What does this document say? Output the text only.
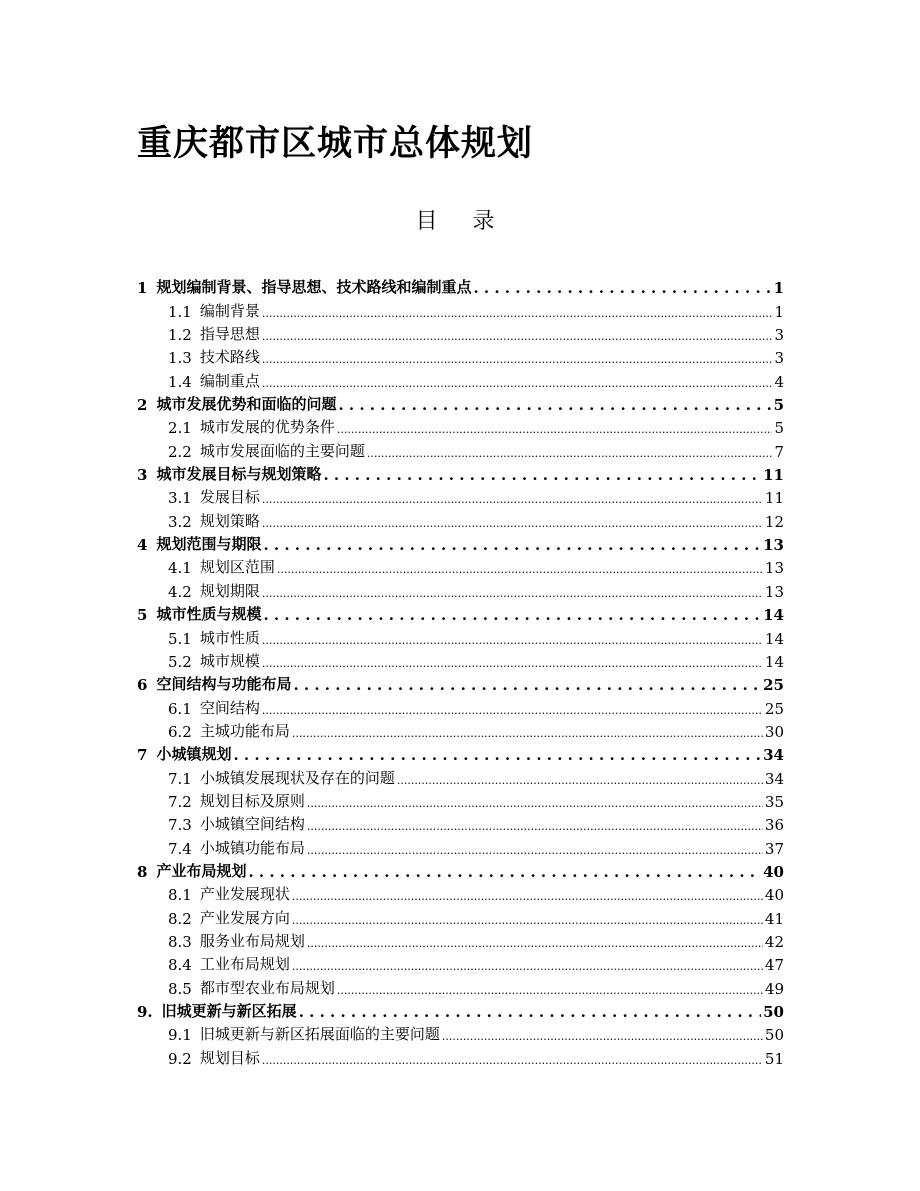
重庆都市区城市总体规划
目 录
1 规划编制背景、指导思想、技术路线和编制重点 . . .	1
1.1 编制背景 .....	1
1.2 指导思想 .....	3
1.3 技术路线 .....	3
1.4 编制重点 .....	4
2 城市发展优势和面临的问题 . . .	5
2.1 城市发展的优势条件 .....	5
2.2 城市发展面临的主要问题 .....	7
3 城市发展目标与规划策略 . . .	11
3.1 发展目标 .....	11
3.2 规划策略 .....	12
4 规划范围与期限 . . .	13
4.1 规划区范围 .....	13
4.2 规划期限 .....	13
5 城市性质与规模 . . .	14
5.1 城市性质 .....	14
5.2 城市规模 .....	14
6 空间结构与功能布局 . . .	25
6.1 空间结构 .....	25
6.2 主城功能布局 .....	30
7 小城镇规划 . . .	34
7.1 小城镇发展现状及存在的问题 .....	34
7.2 规划目标及原则 .....	35
7.3 小城镇空间结构 .....	36
7.4 小城镇功能布局 .....	37
8 产业布局规划 . . .	40
8.1 产业发展现状 .....	40
8.2 产业发展方向 .....	41
8.3 服务业布局规划 .....	42
8.4 工业布局规划 .....	47
8.5 都市型农业布局规划 .....	49
9. 旧城更新与新区拓展 . . .	50
9.1 旧城更新与新区拓展面临的主要问题 .....	50
9.2 规划目标 .....	51
